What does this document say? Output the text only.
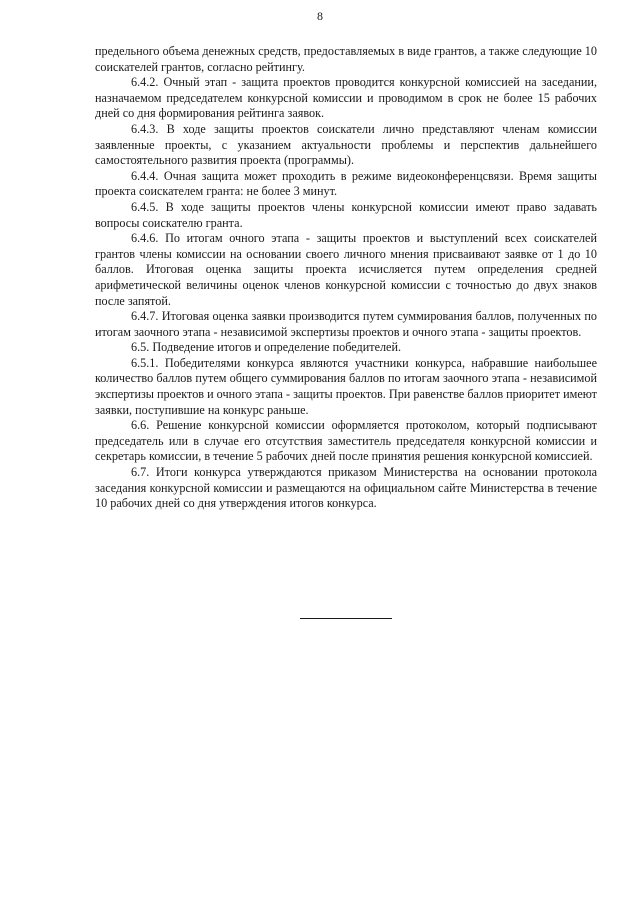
8

предельного объема денежных средств, предоставляемых в виде грантов, а также следующие 10 соискателей грантов, согласно рейтингу.

6.4.2. Очный этап - защита проектов проводится конкурсной комиссией на заседании, назначаемом председателем конкурсной комиссии и проводимом в срок не более 15 рабочих дней со дня формирования рейтинга заявок.

6.4.3. В ходе защиты проектов соискатели лично представляют членам комиссии заявленные проекты, с указанием актуальности проблемы и перспектив дальнейшего самостоятельного развития проекта (программы).

6.4.4. Очная защита может проходить в режиме видеоконференцсвязи. Время защиты проекта соискателем гранта: не более 3 минут.

6.4.5. В ходе защиты проектов члены конкурсной комиссии имеют право задавать вопросы соискателю гранта.

6.4.6. По итогам очного этапа - защиты проектов и выступлений всех соискателей грантов члены комиссии на основании своего личного мнения присваивают заявке от 1 до 10 баллов. Итоговая оценка защиты проекта исчисляется путем определения средней арифметической величины оценок членов конкурсной комиссии с точностью до двух знаков после запятой.

6.4.7. Итоговая оценка заявки производится путем суммирования баллов, полученных по итогам заочного этапа - независимой экспертизы проектов и очного этапа - защиты проектов.

6.5. Подведение итогов и определение победителей.

6.5.1. Победителями конкурса являются участники конкурса, набравшие наибольшее количество баллов путем общего суммирования баллов по итогам заочного этапа - независимой экспертизы проектов и очного этапа - защиты проектов. При равенстве баллов приоритет имеют заявки, поступившие на конкурс раньше.

6.6. Решение конкурсной комиссии оформляется протоколом, который подписывают председатель или в случае его отсутствия заместитель председателя конкурсной комиссии и секретарь комиссии, в течение 5 рабочих дней после принятия решения конкурсной комиссией.

6.7. Итоги конкурса утверждаются приказом Министерства на основании протокола заседания конкурсной комиссии и размещаются на официальном сайте Министерства в течение 10 рабочих дней со дня утверждения итогов конкурса.
